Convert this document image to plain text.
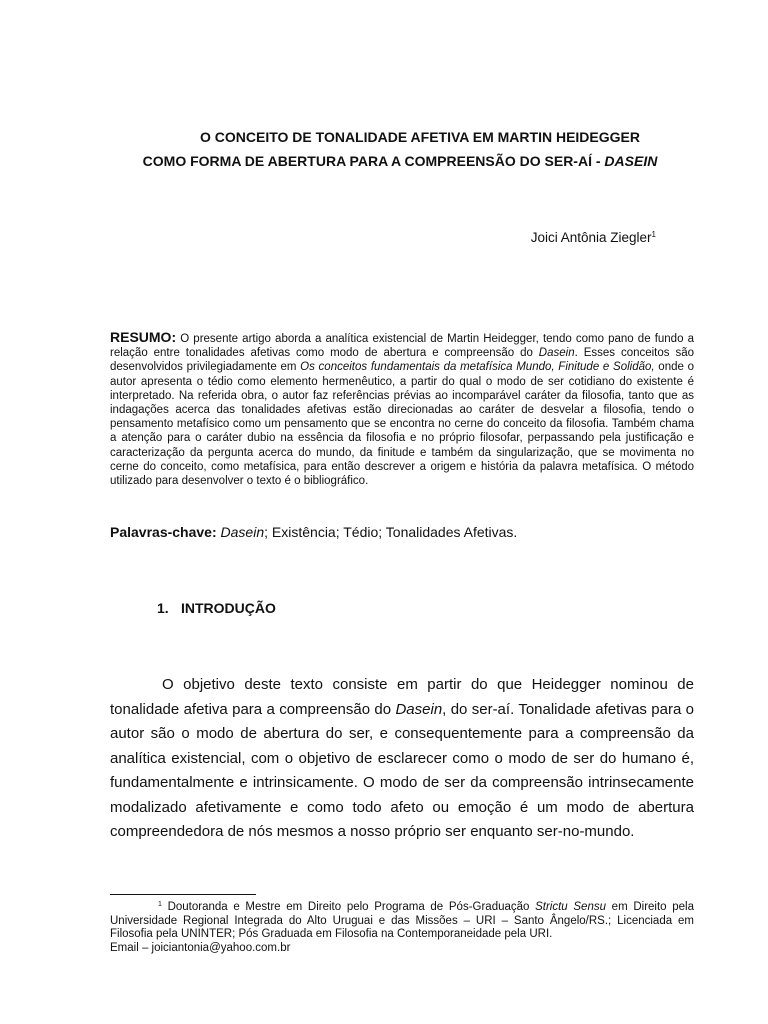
O CONCEITO DE TONALIDADE AFETIVA EM MARTIN HEIDEGGER
COMO FORMA DE ABERTURA PARA A COMPREENSÃO DO SER-AÍ - DASEIN
Joici Antônia Ziegler$^1$
RESUMO: O presente artigo aborda a analítica existencial de Martin Heidegger, tendo como pano de fundo a relação entre tonalidades afetivas como modo de abertura e compreensão do Dasein. Esses conceitos são desenvolvidos privilegiadamente em Os conceitos fundamentais da metafísica Mundo, Finitude e Solidão, onde o autor apresenta o tédio como elemento hermenêutico, a partir do qual o modo de ser cotidiano do existente é interpretado. Na referida obra, o autor faz referências prévias ao incomparável caráter da filosofia, tanto que as indagações acerca das tonalidades afetivas estão direcionadas ao caráter de desvelar a filosofia, tendo o pensamento metafísico como um pensamento que se encontra no cerne do conceito da filosofia. Também chama a atenção para o caráter dubio na essência da filosofia e no próprio filosofar, perpassando pela justificação e caracterização da pergunta acerca do mundo, da finitude e também da singularização, que se movimenta no cerne do conceito, como metafísica, para então descrever a origem e história da palavra metafísica. O método utilizado para desenvolver o texto é o bibliográfico.
Palavras-chave: Dasein; Existência; Tédio; Tonalidades Afetivas.
1. INTRODUÇÃO

O objetivo deste texto consiste em partir do que Heidegger nominou de tonalidade afetiva para a compreensão do Dasein, do ser-aí. Tonalidade afetivas para o autor são o modo de abertura do ser, e consequentemente para a compreensão da analítica existencial, com o objetivo de esclarecer como o modo de ser do humano é, fundamentalmente e intrinsicamente. O modo de ser da compreensão intrinsecamente modalizado afetivamente e como todo afeto ou emoção é um modo de abertura compreendedora de nós mesmos a nosso próprio ser enquanto ser-no-mundo.

$^1$ Doutoranda e Mestre em Direito pelo Programa de Pós-Graduação Strictu Sensu em Direito pela Universidade Regional Integrada do Alto Uruguai e das Missões – URI – Santo Ângelo/RS.; Licenciada em Filosofia pela UNINTER; Pós Graduada em Filosofia na Contemporaneidade pela URI.
Email – joiciantonia@yahoo.com.br
